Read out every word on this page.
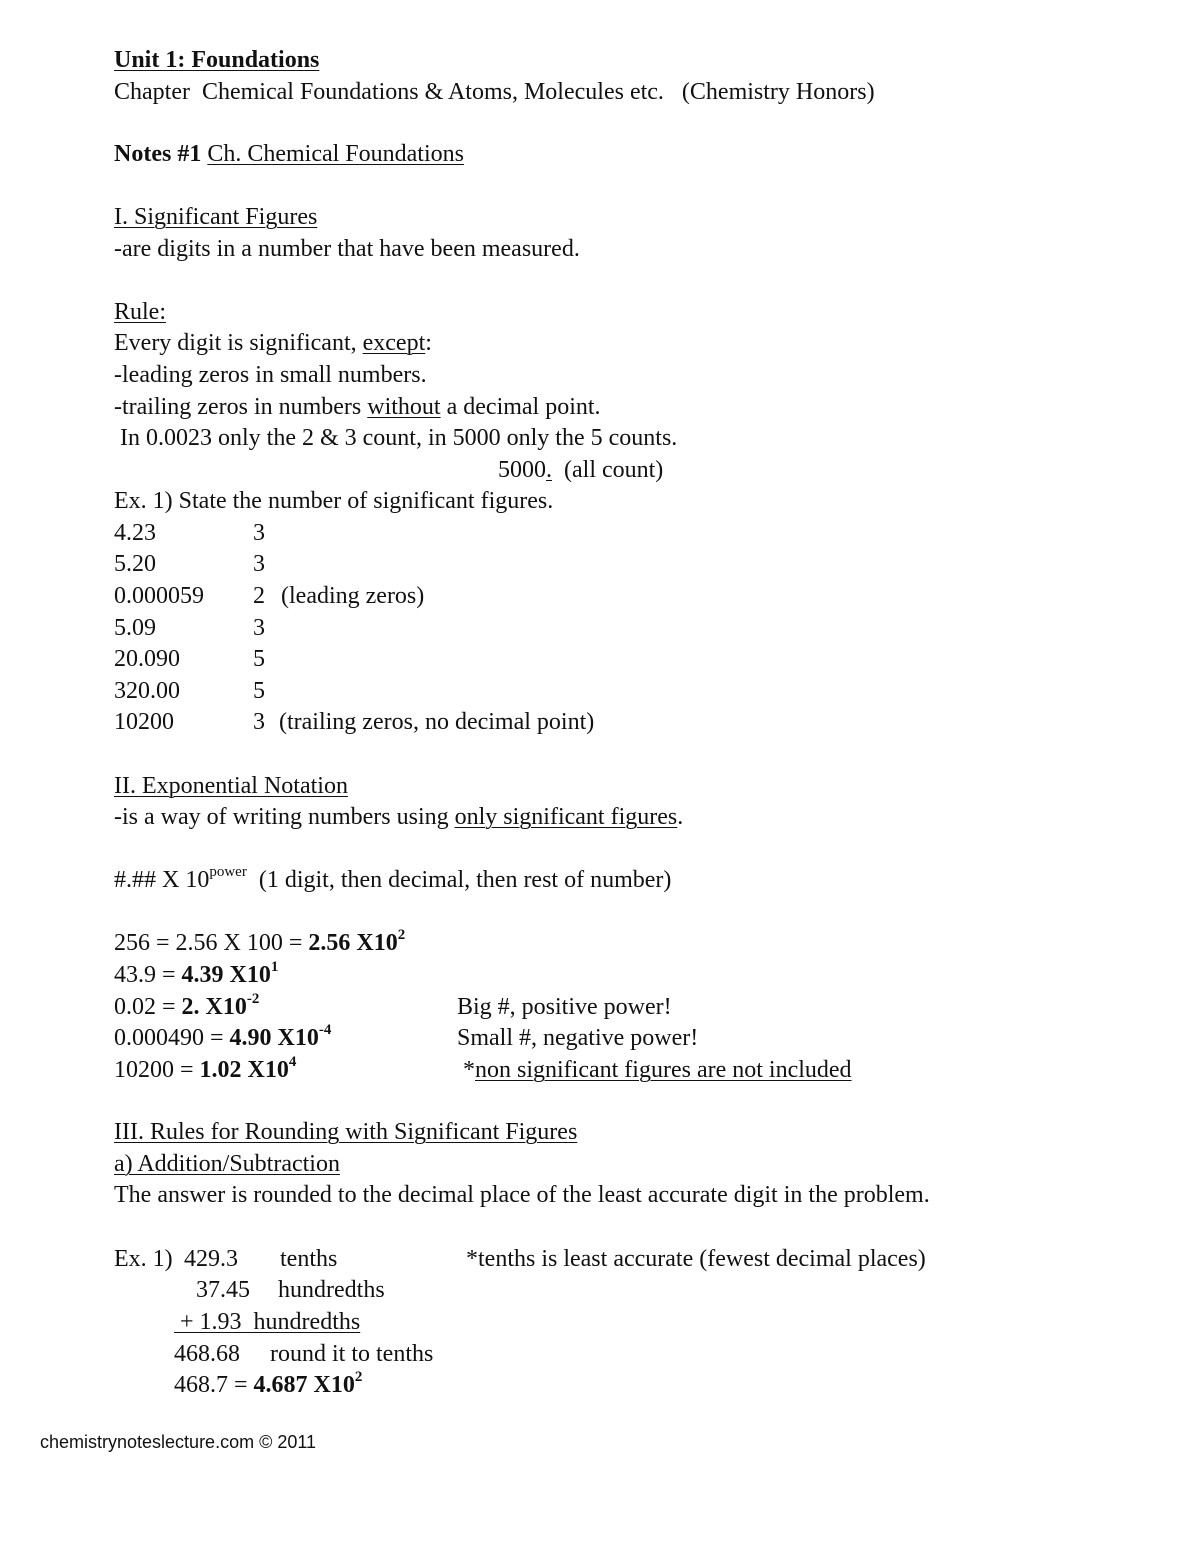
Unit 1: Foundations
Chapter  Chemical Foundations & Atoms, Molecules etc.   (Chemistry Honors)
Notes #1 Ch. Chemical Foundations
I. Significant Figures
-are digits in a number that have been measured.
Rule:
Every digit is significant, except:
-leading zeros in small numbers.
-trailing zeros in numbers without a decimal point.
In 0.0023 only the 2 & 3 count, in 5000 only the 5 counts.
5000.  (all count)
Ex. 1) State the number of significant figures.
4.23	3
5.20	3
0.000059 2 (leading zeros)
5.09	3
20.090	5
320.00	5
10200	3 (trailing zeros, no decimal point)
II. Exponential Notation
-is a way of writing numbers using only significant figures.
#.## X $10^{power}$  (1 digit, then decimal, then rest of number)
256 = 2.56 X 100 = 2.56 $X10^2$
43.9 = 4.39 $X10^1$
0.02 = 2. $X10^{-2}$	Big #, positive power!
0.000490 = 4.90 $X10^{-4}$	Small #, negative power!
10200 = 1.02 $X10^4$	*non significant figures are not included
III. Rules for Rounding with Significant Figures
a) Addition/Subtraction
The answer is rounded to the decimal place of the least accurate digit in the problem.
Ex. 1) 429.3 tenths	*tenths is least accurate (fewest decimal places)
37.45 hundredths
+ 1.93  hundredths
468.68 round it to tenths
468.7 = 4.687 $X10^2$
chemistrynoteslecture.com © 2011
